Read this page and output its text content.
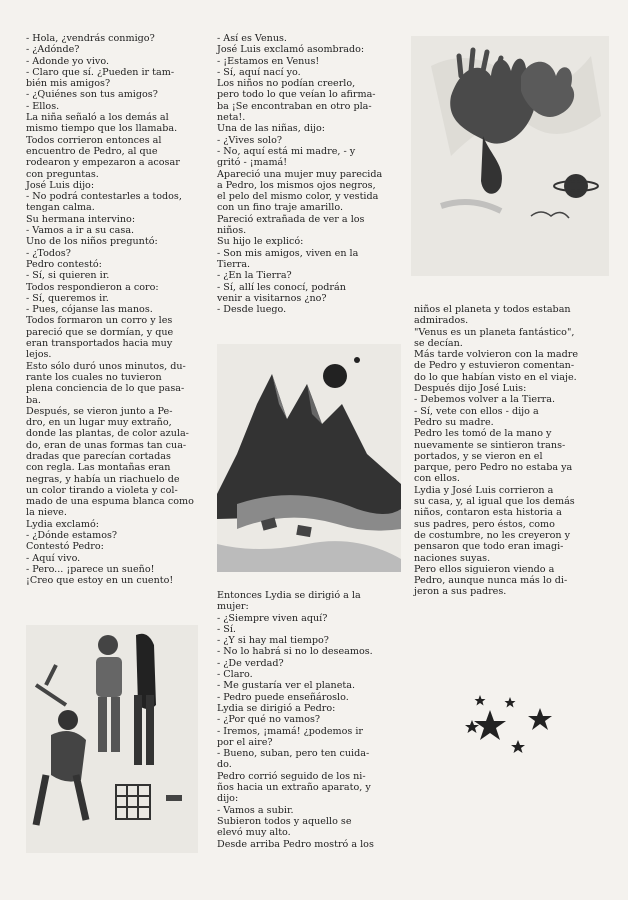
- Hola, ¿vendrás conmigo?

- ¿Adónde?

- Adonde yo vivo.

- Claro que sí. ¿Pueden ir tam-

bién mis amigos?

- ¿Quiénes son tus amigos?

- Ellos.

La niña señaló a los demás al

mismo tiempo que los llamaba.

Todos corrieron entonces al

encuentro de Pedro, al que

rodearon y empezaron a acosar

con preguntas.

José Luis dijo:

- No podrá contestarles a todos,

tengan calma.

Su hermana intervino:

- Vamos a ir a su casa.

Uno de los niños preguntó:

- ¿Todos?

Pedro contestó:

- Sí, si quieren ir.

Todos respondieron a coro:

- Sí, queremos ir.

- Pues, cójanse las manos.

Todos formaron un corro y les

pareció que se dormían, y que

eran transportados hacia muy

lejos.

Esto sólo duró unos minutos, du-

rante los cuales no tuvieron

plena conciencia de lo que pasa-

ba.

Después, se vieron junto a Pe-

dro, en un lugar muy extraño,

donde las plantas, de color azula-

do, eran de unas formas tan cua-

dradas que parecían cortadas

con regla. Las montañas eran

negras, y había un riachuelo de

un color tirando a violeta y col-

mado de una espuma blanca como

la nieve.

Lydia exclamó:

- ¿Dónde estamos?

Contestó Pedro:

- Aquí vivo.

- Pero... ¡parece un sueño!

¡Creo que estoy en un cuento!

- Así es Venus.

José Luis exclamó asombrado:

- ¡Estamos en Venus!

- Sí, aquí nací yo.

Los niños no podían creerlo,

pero todo lo que veían lo afirma-

ba ¡Se encontraban en otro pla-

neta!.

Una de las niñas, dijo:

- ¿Vives solo?

- No, aquí está mi madre, - y

gritó - ¡mamá!

Apareció una mujer muy parecida

a Pedro, los mismos ojos negros,

el pelo del mismo color, y vestida

con un fino traje amarillo.

Pareció extrañada de ver a los

niños.

Su hijo le explicó:

- Son mis amigos, viven en la

Tierra.

- ¿En la Tierra?

- Sí, allí les conocí, podrán

venir a visitarnos ¿no?

- Desde luego.

Entonces Lydia se dirigió a la

mujer:

- ¿Siempre viven aquí?

- Sí.

- ¿Y si hay mal tiempo?

- No lo habrá si no lo deseamos.

- ¿De verdad?

- Claro.

- Me gustaría ver el planeta.

- Pedro puede enseñároslo.

Lydia se dirigió a Pedro:

- ¿Por qué no vamos?

- Iremos, ¡mamá! ¿podemos ir

por el aire?

- Bueno, suban, pero ten cuida-

do.

Pedro corrió seguido de los ni-

ños hacia un extraño aparato, y

dijo:

- Vamos a subir.

Subieron todos y aquello se

elevó muy alto.

Desde arriba Pedro mostró a los

niños el planeta y todos estaban

admirados.

"Venus es un planeta fantástico",

se decían.

Más tarde volvieron con la madre

de Pedro y estuvieron comentan-

do lo que habían visto en el viaje.

Después dijo José Luis:

- Debemos volver a la Tierra.

- Sí, vete con ellos - dijo a

Pedro su madre.

Pedro les tomó de la mano y

nuevamente se sintieron trans-

portados, y se vieron en el

parque, pero Pedro no estaba ya

con ellos.

Lydia y José Luis corrieron a

su casa, y, al igual que los demás

niños, contaron esta historia a

sus padres, pero éstos, como

de costumbre, no les creyeron y

pensaron que todo eran imagi-

naciones suyas.

Pero ellos siguieron viendo a

Pedro, aunque nunca más lo di-

jeron a sus padres.
